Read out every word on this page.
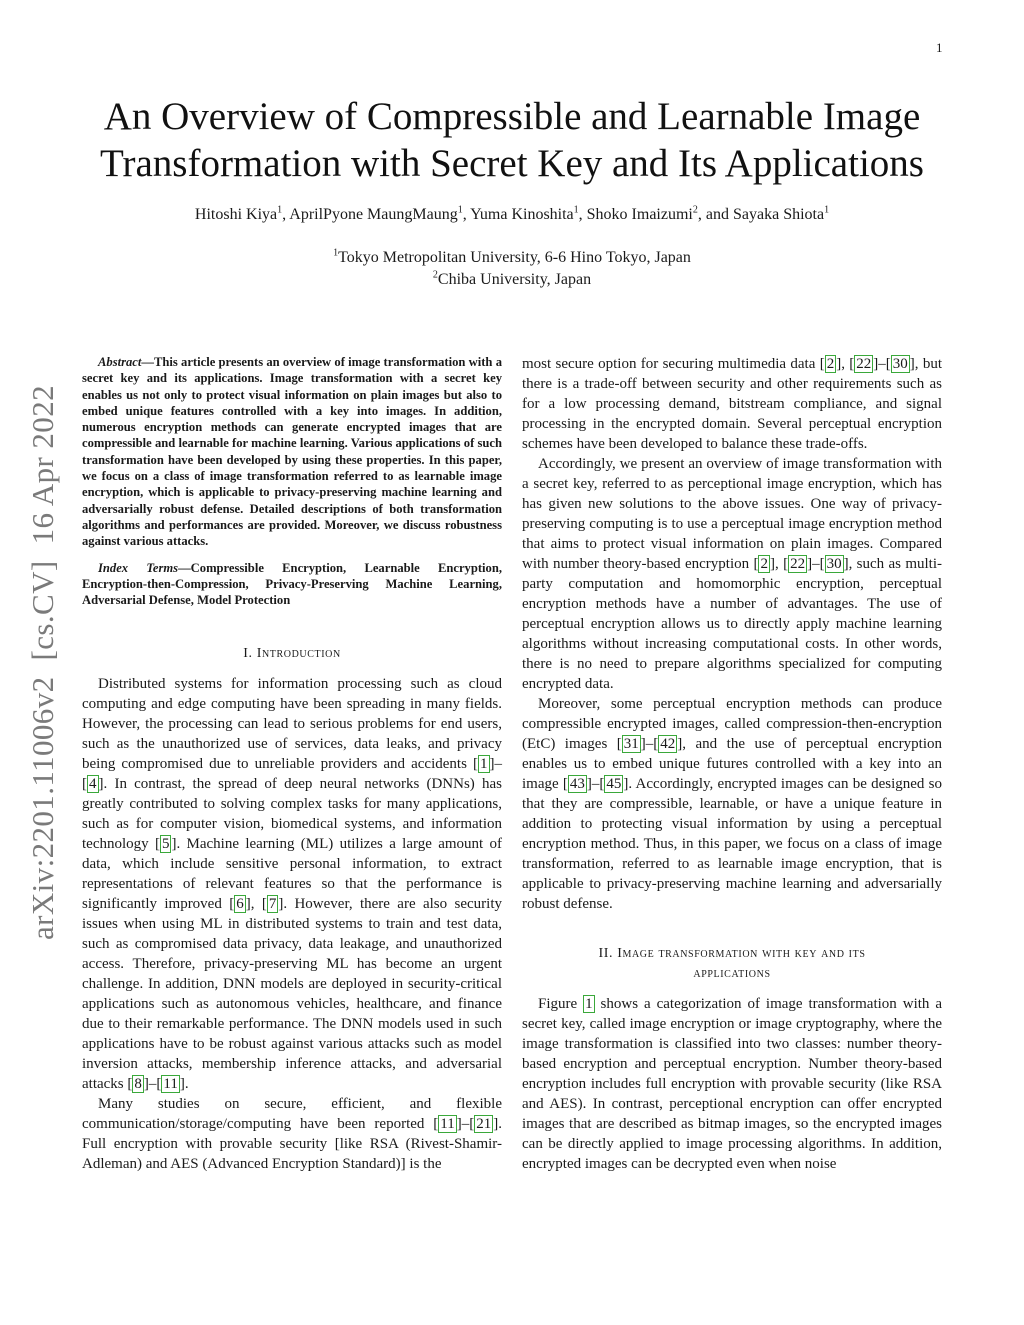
1
arXiv:2201.11006v2[cs.CV]16 Apr 2022
An Overview of Compressible and Learnable Image
Transformation with Secret Key and Its Applications
Hitoshi Kiya$^1$, AprilPyone MaungMaung$^1$, Yuma Kinoshita$^1$, Shoko Imaizumi$^2$, and Sayaka Shiota$^1$
$^1$Tokyo Metropolitan University, 6-6 Hino Tokyo, Japan
$^2$Chiba University, Japan

Abstract—This article presents an overview of image transformation with a secret key and its applications. Image transformation with a secret key enables us not only to protect visual information on plain images but also to embed unique features controlled with a key into images. In addition, numerous encryption methods can generate encrypted images that are compressible and learnable for machine learning. Various applications of such transformation have been developed by using these properties. In this paper, we focus on a class of image transformation referred to as learnable image encryption, which is applicable to privacy-preserving machine learning and adversarially robust defense. Detailed descriptions of both transformation algorithms and performances are provided. Moreover, we discuss robustness against various attacks.

Index Terms—Compressible Encryption, Learnable Encryption, Encryption-then-Compression, Privacy-Preserving Machine Learning, Adversarial Defense, Model Protection

I. Introduction

Distributed systems for information processing such as cloud computing and edge computing have been spreading in many fields. However, the processing can lead to serious problems for end users, such as the unauthorized use of services, data leaks, and privacy being compromised due to unreliable providers and accidents [ 1 ]–[ 4 ]. In contrast, the spread of deep neural networks (DNNs) has greatly contributed to solving complex tasks for many applications, such as for computer vision, biomedical systems, and information technology [ 5 ]. Machine learning (ML) utilizes a large amount of data, which include sensitive personal information, to extract representations of relevant features so that the performance is significantly improved [ 6 ], [ 7 ]. However, there are also security issues when using ML in distributed systems to train and test data, such as compromised data privacy, data leakage, and unauthorized access. Therefore, privacy-preserving ML has become an urgent challenge. In addition, DNN models are deployed in security-critical applications such as autonomous vehicles, healthcare, and finance due to their remarkable performance. The DNN models used in such applications have to be robust against various attacks such as model inversion attacks, membership inference attacks, and adversarial attacks [ 8 ]–[ 11 ].

Many studies on secure, efficient, and flexible communication/storage/computing have been reported [ 11 ]–[ 21 ]. Full encryption with provable security [like RSA (Rivest-Shamir-Adleman) and AES (Advanced Encryption Standard)] is the

most secure option for securing multimedia data [ 2 ], [ 22 ]–[ 30 ], but there is a trade-off between security and other requirements such as for a low processing demand, bitstream compliance, and signal processing in the encrypted domain. Several perceptual encryption schemes have been developed to balance these trade-offs.

Accordingly, we present an overview of image transformation with a secret key, referred to as perceptional image encryption, which has has given new solutions to the above issues. One way of privacy-preserving computing is to use a perceptual image encryption method that aims to protect visual information on plain images. Compared with number theory-based encryption [ 2 ], [ 22 ]–[ 30 ], such as multi-party computation and homomorphic encryption, perceptual encryption methods have a number of advantages. The use of perceptual encryption allows us to directly apply machine learning algorithms without increasing computational costs. In other words, there is no need to prepare algorithms specialized for computing encrypted data.

Moreover, some perceptual encryption methods can produce compressible encrypted images, called compression-then-encryption (EtC) images [ 31 ]–[ 42 ], and the use of perceptual encryption enables us to embed unique futures controlled with a key into an image [ 43 ]–[ 45 ]. Accordingly, encrypted images can be designed so that they are compressible, learnable, or have a unique feature in addition to protecting visual information by using a perceptual encryption method. Thus, in this paper, we focus on a class of image transformation, referred to as learnable image encryption, that is applicable to privacy-preserving machine learning and adversarially robust defense.

II. Image transformation with key and its
applications

Figure 1 shows a categorization of image transformation with a secret key, called image encryption or image cryptography, where the image transformation is classified into two classes: number theory-based encryption and perceptual encryption. Number theory-based encryption includes full encryption with provable security (like RSA and AES). In contrast, perceptional encryption can offer encrypted images that are described as bitmap images, so the encrypted images can be directly applied to image processing algorithms. In addition, encrypted images can be decrypted even when noise
